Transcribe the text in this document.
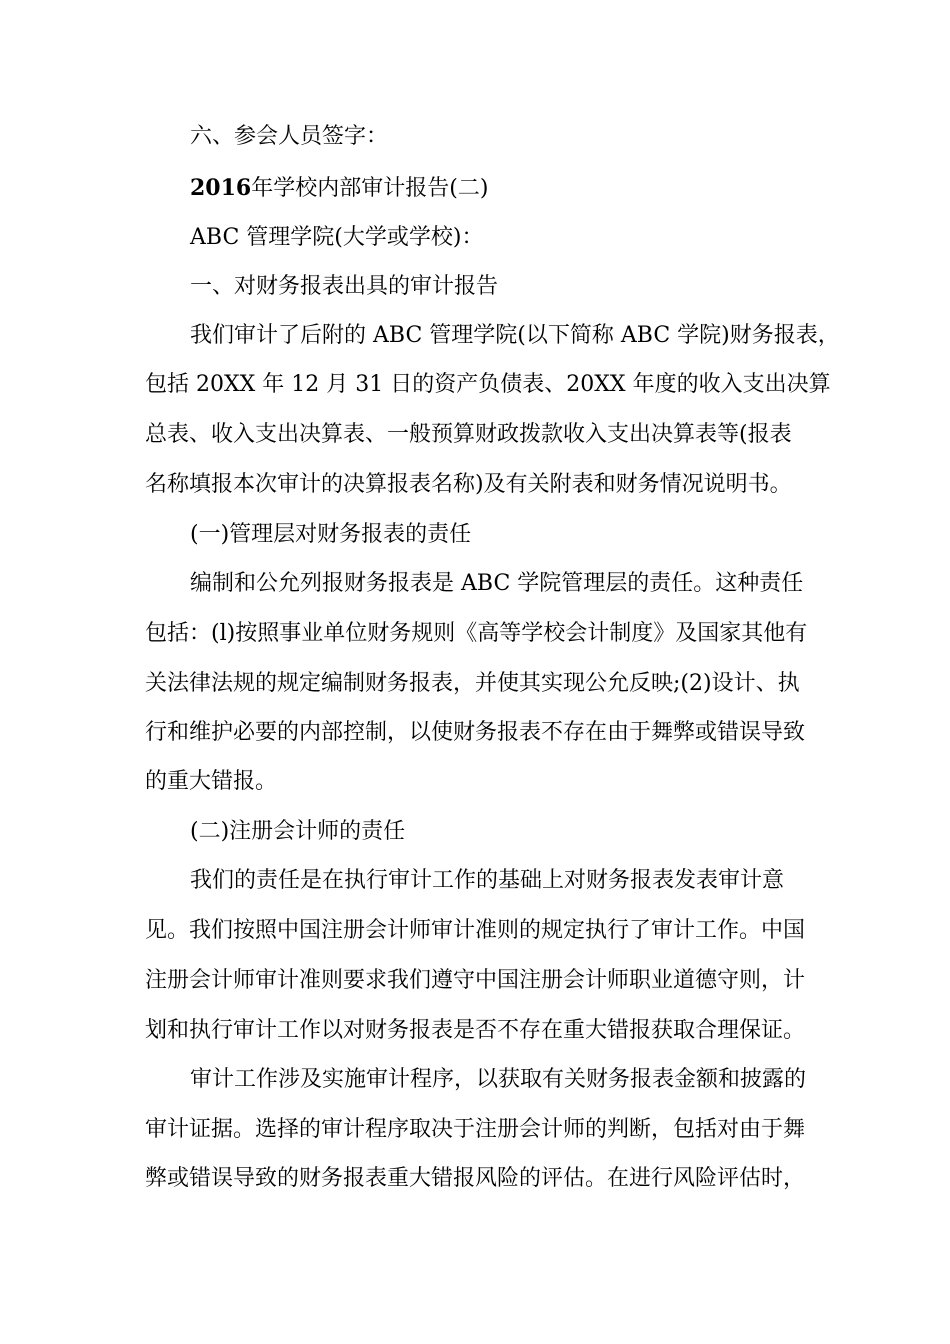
六、参会人员签字：
2016年学校内部审计报告(二)
ABC 管理学院(大学或学校)：
一、对财务报表出具的审计报告
我们审计了后附的 ABC 管理学院(以下简称 ABC 学院)财务报表，
包括 20XX 年 12 月 31 日的资产负债表、20XX 年度的收入支出决算
总表、收入支出决算表、一般预算财政拨款收入支出决算表等(报表
名称填报本次审计的决算报表名称)及有关附表和财务情况说明书。
(一)管理层对财务报表的责任
编制和公允列报财务报表是 ABC 学院管理层的责任。这种责任
包括：(l)按照事业单位财务规则《高等学校会计制度》及国家其他有
关法律法规的规定编制财务报表，并使其实现公允反映;(2)设计、执
行和维护必要的内部控制，以使财务报表不存在由于舞弊或错误导致
的重大错报。
(二)注册会计师的责任
我们的责任是在执行审计工作的基础上对财务报表发表审计意
见。我们按照中国注册会计师审计准则的规定执行了审计工作。中国
注册会计师审计准则要求我们遵守中国注册会计师职业道德守则，计
划和执行审计工作以对财务报表是否不存在重大错报获取合理保证。
审计工作涉及实施审计程序，以获取有关财务报表金额和披露的
审计证据。选择的审计程序取决于注册会计师的判断，包括对由于舞
弊或错误导致的财务报表重大错报风险的评估。在进行风险评估时，
